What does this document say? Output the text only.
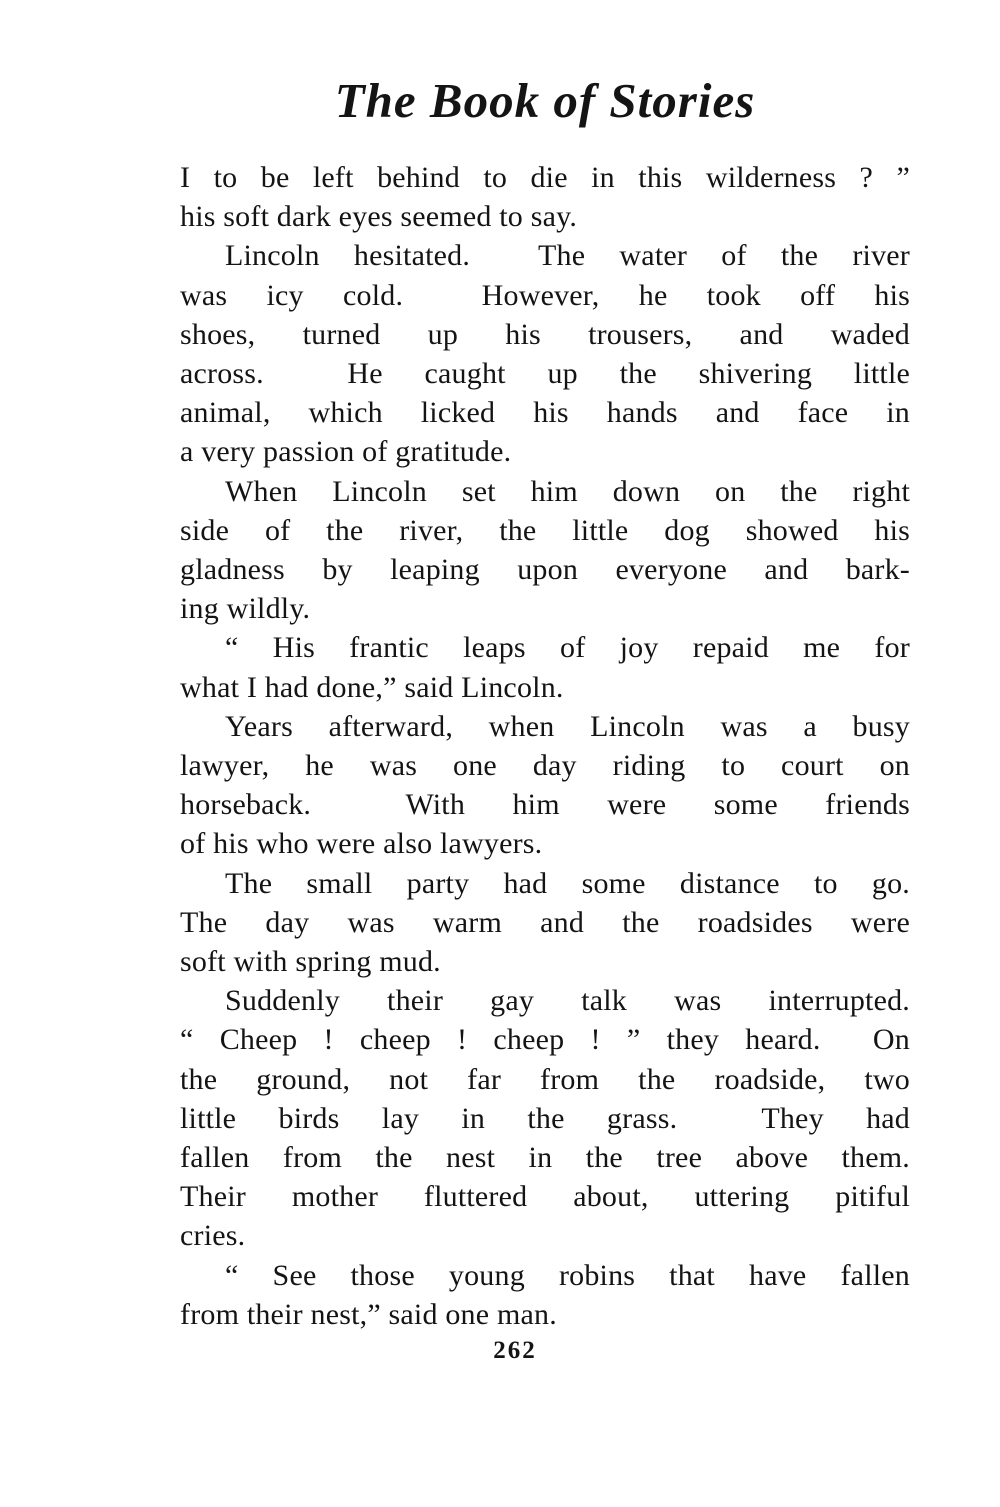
The Book of Stories
I to be left behind to die in this wilderness ? ”
his soft dark eyes seemed to say.
Lincoln hesitated.  The water of the river
was icy cold.  However, he took off his
shoes, turned up his trousers, and waded
across.  He caught up the shivering little
animal, which licked his hands and face in
a very passion of gratitude.
When Lincoln set him down on the right
side of the river, the little dog showed his
gladness by leaping upon everyone and bark-
ing wildly.
“ His frantic leaps of joy repaid me for
what I had done,” said Lincoln.
Years afterward, when Lincoln was a busy
lawyer, he was one day riding to court on
horseback.  With him were some friends
of his who were also lawyers.
The small party had some distance to go.
The day was warm and the roadsides were
soft with spring mud.
Suddenly their gay talk was interrupted.
“ Cheep ! cheep ! cheep ! ” they heard.  On
the ground, not far from the roadside, two
little birds lay in the grass.  They had
fallen from the nest in the tree above them.
Their mother fluttered about, uttering pitiful
cries.
“ See those young robins that have fallen
from their nest,” said one man.
262
